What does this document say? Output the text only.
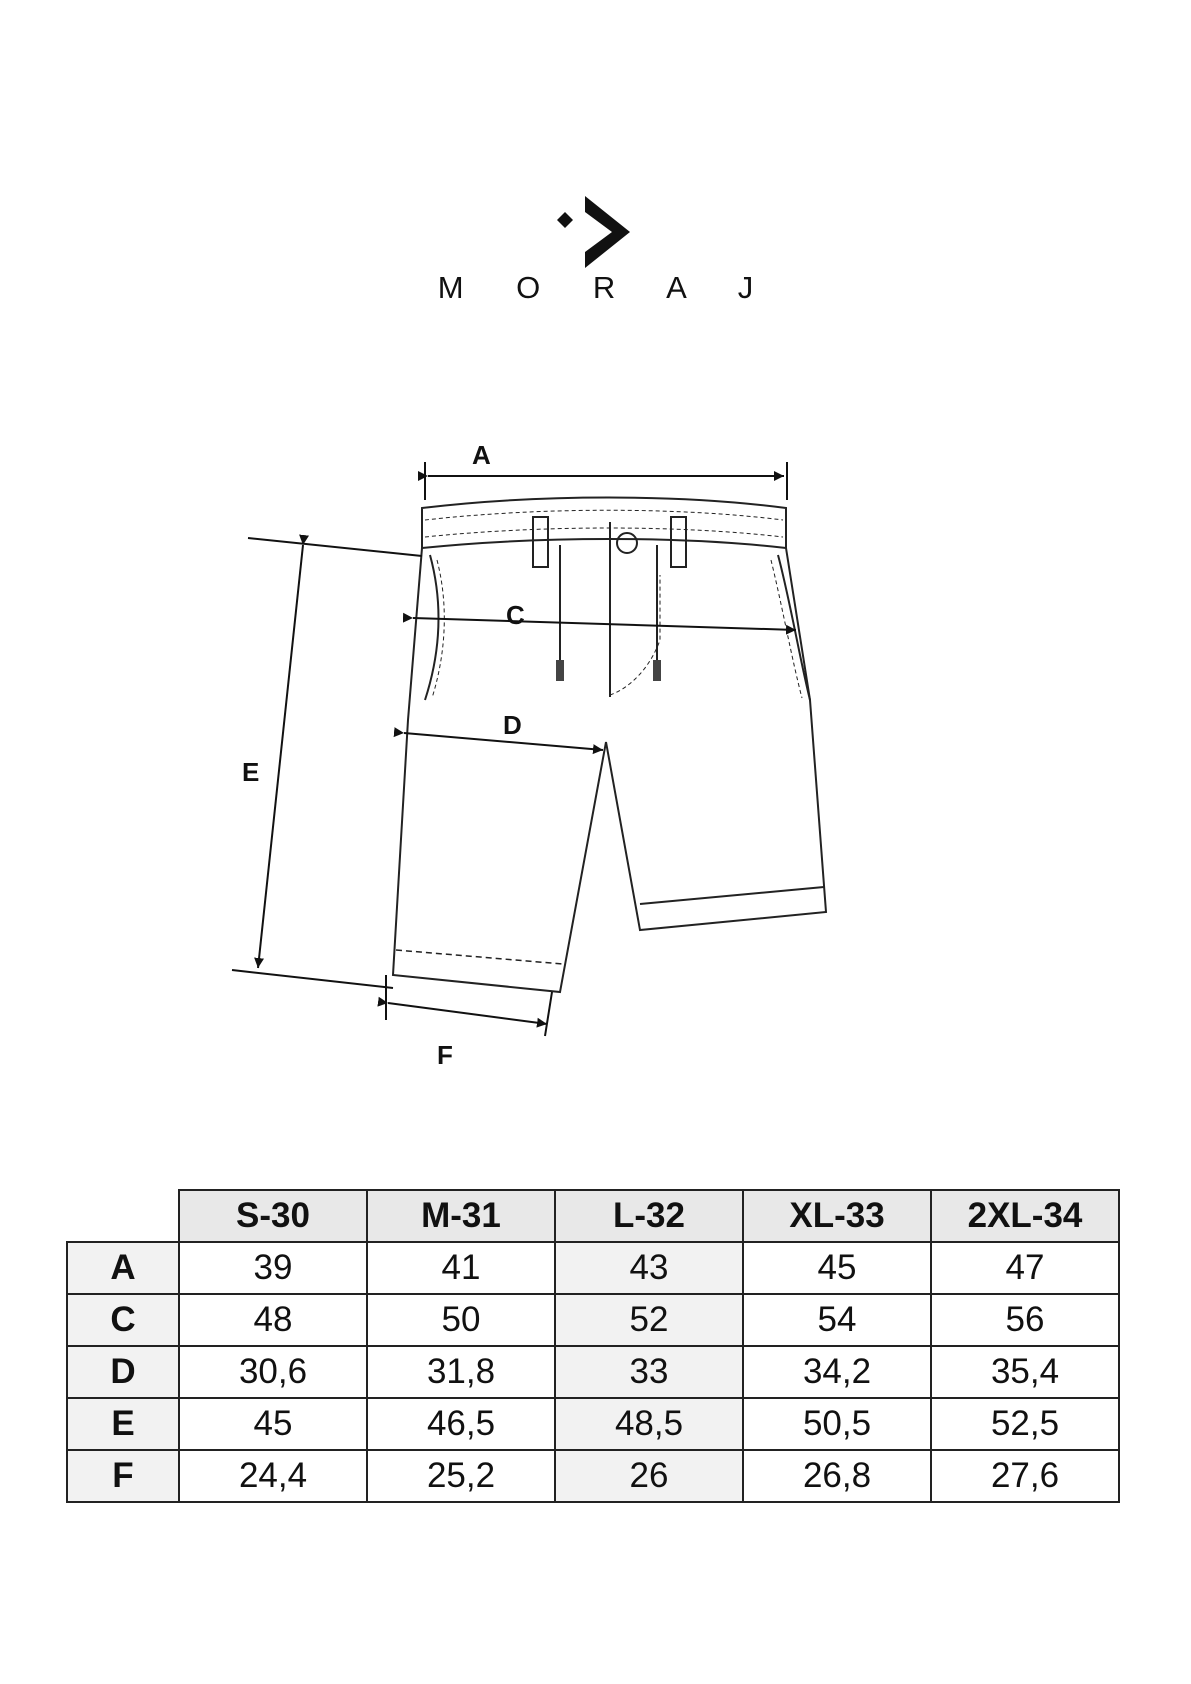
M O R A J
A
C
D
E
F
	S-30	M-31	L-32	XL-33	2XL-34
A	39	41	43	45	47
C	48	50	52	54	56
D	30,6	31,8	33	34,2	35,4
E	45	46,5	48,5	50,5	52,5
F	24,4	25,2	26	26,8	27,6
